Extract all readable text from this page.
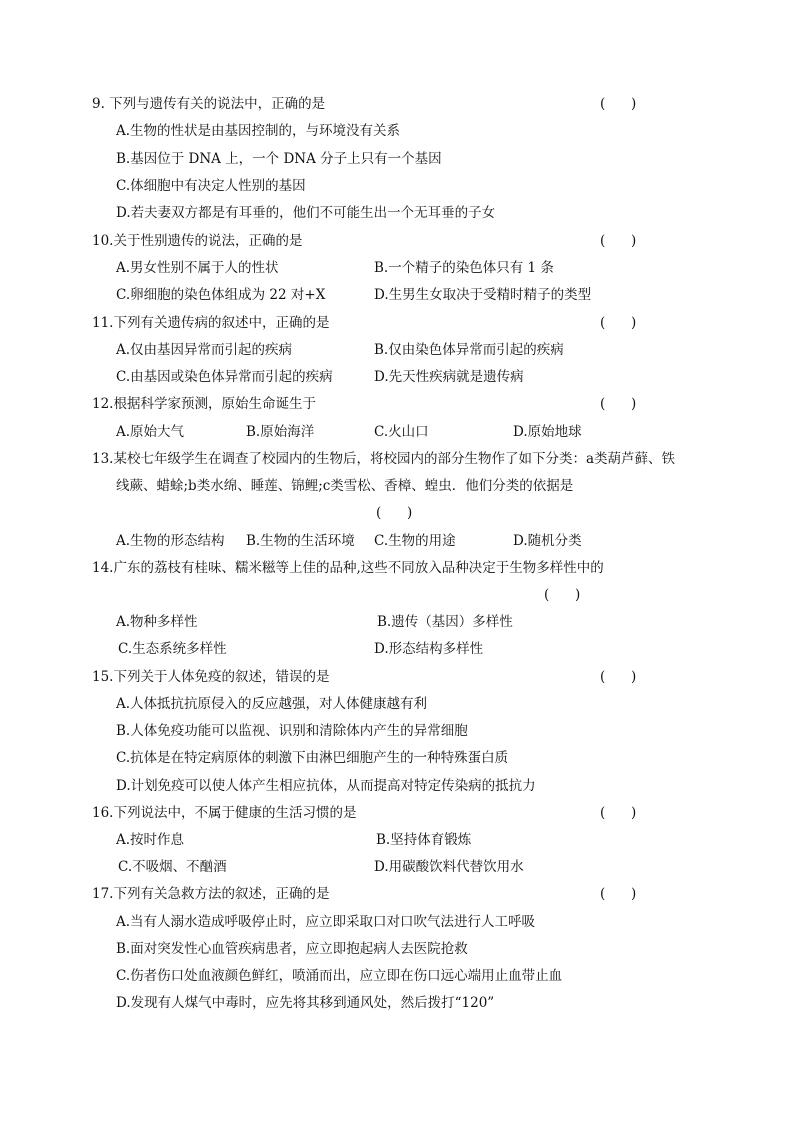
9. 下列与遗传有关的说法中，正确的是	(      )
A.生物的性状是由基因控制的，与环境没有关系
B.基因位于 DNA 上，一个 DNA 分子上只有一个基因
C.体细胞中有决定人性别的基因
D.若夫妻双方都是有耳垂的，他们不可能生出一个无耳垂的子女
10.关于性别遗传的说法，正确的是	(      )
A.男女性别不属于人的性状	B.一个精子的染色体只有 1 条
C.卵细胞的染色体组成为 22 对+X	D.生男生女取决于受精时精子的类型
11.下列有关遗传病的叙述中，正确的是	(      )
A.仅由基因异常而引起的疾病	B.仅由染色体异常而引起的疾病
C.由基因或染色体异常而引起的疾病	D.先天性疾病就是遗传病
12.根据科学家预测，原始生命诞生于	(      )
A.原始大气	B.原始海洋	C.火山口	D.原始地球
13.某校七年级学生在调查了校园内的生物后，将校园内的部分生物作了如下分类：a类葫芦藓、铁
线蕨、蜡蜍;b类水绵、睡莲、锦鲤;c类雪松、香樟、蝗虫．他们分类的依据是
(      )
A.生物的形态结构 B.生物的生活环境 C.生物的用途	D.随机分类
14.广东的荔枝有桂味、糯米糍等上佳的品种,这些不同放入品种决定于生物多样性中的
(      )
A.物种多样性	B.遗传（基因）多样性
C.生态系统多样性	D.形态结构多样性
15.下列关于人体免疫的叙述，错误的是	(      )
A.人体抵抗抗原侵入的反应越强，对人体健康越有利
B.人体免疫功能可以监视、识别和清除体内产生的异常细胞
C.抗体是在特定病原体的刺激下由淋巴细胞产生的一种特殊蛋白质
D.计划免疫可以使人体产生相应抗体，从而提高对特定传染病的抵抗力
16.下列说法中，不属于健康的生活习惯的是	(      )
A.按时作息	B.坚持体育锻炼
C.不吸烟、不酗酒	D.用碳酸饮料代替饮用水
17.下列有关急救方法的叙述，正确的是	(      )
A.当有人溺水造成呼吸停止时，应立即采取口对口吹气法进行人工呼吸
B.面对突发性心血管疾病患者，应立即抱起病人去医院抢救
C.伤者伤口处血液颜色鲜红，喷涌而出，应立即在伤口远心端用止血带止血
D.发现有人煤气中毒时，应先将其移到通风处，然后拨打“120”
